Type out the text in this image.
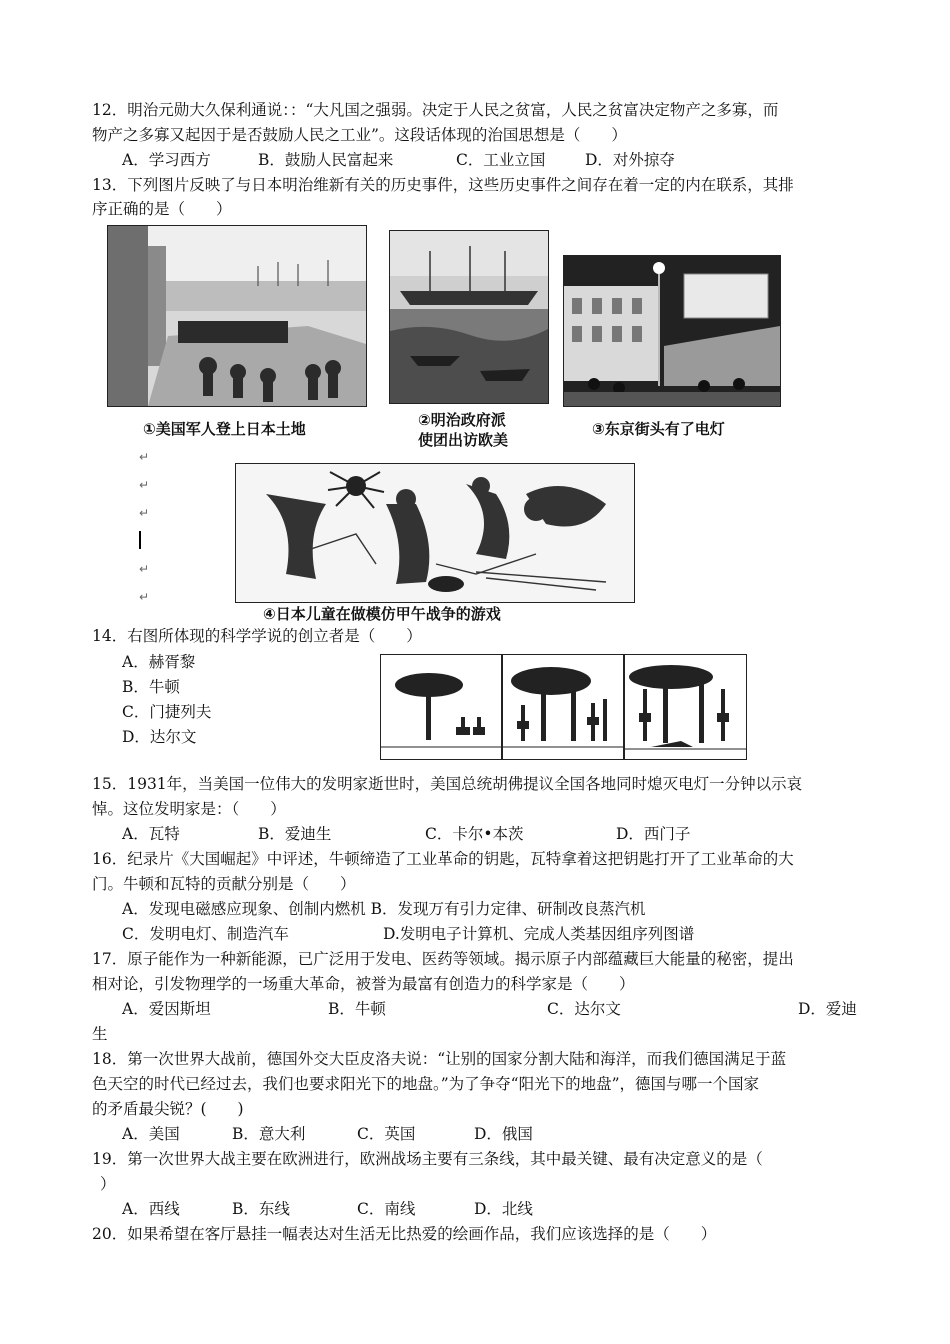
12．明治元勋大久保利通说：：“大凡国之强弱。决定于人民之贫富，人民之贫富决定物产之多寡，而
物产之多寡又起因于是否鼓励人民之工业”。这段话体现的治国思想是（　　）
A．学习西方	B．鼓励人民富起来	C．工业立国	D．对外掠夺
13．下列图片反映了与日本明治维新有关的历史事件，这些历史事件之间存在着一定的内在联系，其排
序正确的是（　　）
①美国军人登上日本土地	②明治政府派
使团出访欧美
③东京街头有了电灯
↵
↵
↵
↵
↵
④日本儿童在做模仿甲午战争的游戏
14．右图所体现的科学学说的创立者是（　　）
A．赫胥黎
B．牛顿
C．门捷列夫
D．达尔文
15．1931年，当美国一位伟大的发明家逝世时，美国总统胡佛提议全国各地同时熄灭电灯一分钟以示哀
悼。这位发明家是：（　　）
A．瓦特	B．爱迪生	C．卡尔•本茨	D．西门子
16．纪录片《大国崛起》中评述，牛顿缔造了工业革命的钥匙，瓦特拿着这把钥匙打开了工业革命的大
门。牛顿和瓦特的贡献分别是（　　）
A．发现电磁感应现象、创制内燃机 B．发现万有引力定律、研制改良蒸汽机
C．发明电灯、制造汽车	D.发明电子计算机、完成人类基因组序列图谱
17．原子能作为一种新能源，已广泛用于发电、医药等领域。揭示原子内部蕴藏巨大能量的秘密，提出
相对论，引发物理学的一场重大革命，被誉为最富有创造力的科学家是（　　）
A．爱因斯坦	B．牛顿	C．达尔文	D．爱迪
生
18．第一次世界大战前，德国外交大臣皮洛夫说：“让别的国家分割大陆和海洋，而我们德国满足于蓝
色天空的时代已经过去，我们也要求阳光下的地盘。”为了争夺“阳光下的地盘”，德国与哪一个国家
的矛盾最尖锐？(　　)
A．美国	B．意大利	C．英国	D．俄国
19．第一次世界大战主要在欧洲进行，欧洲战场主要有三条线，其中最关键、最有决定意义的是（
）
A．西线	B．东线	C．南线	D．北线
20．如果希望在客厅悬挂一幅表达对生活无比热爱的绘画作品，我们应该选择的是（　　）
